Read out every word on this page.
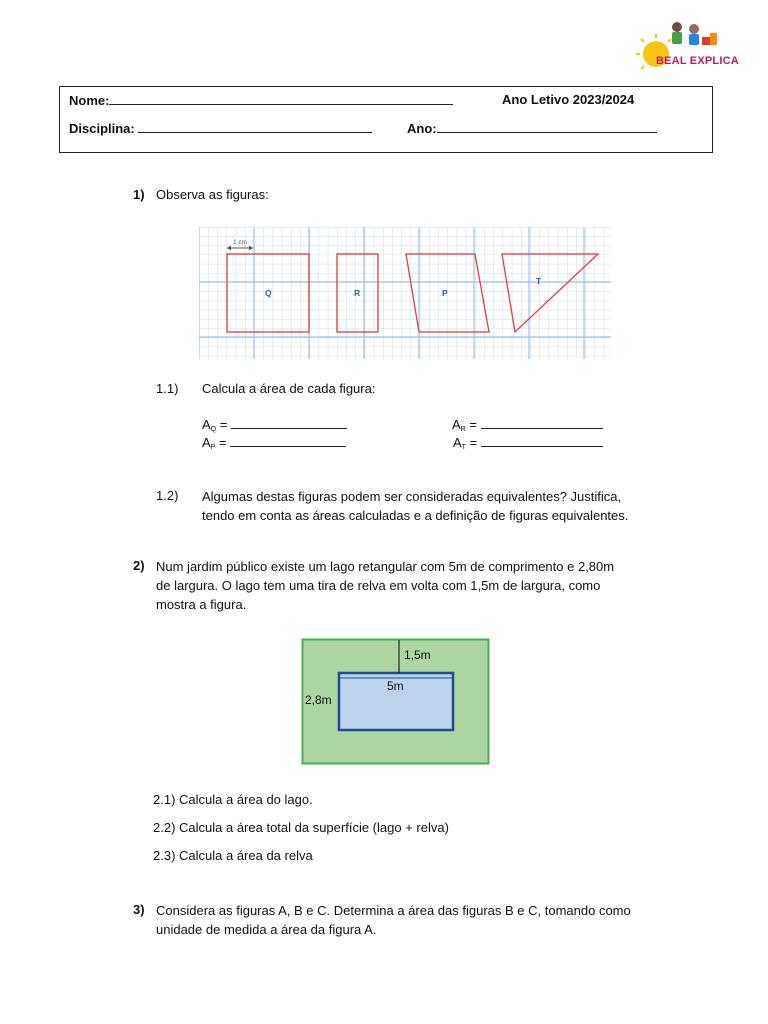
BEAL EXPLICA
Nome:	Ano Letivo 2023/2024
Disciplina:	Ano:
1) Observa as figuras:
1 cm
Q	R	P
T
1.1) Calcula a área de cada figura:
$A_Q$ =	$A_R$ =
$A_P$ =	$A_T$ =
1.2) Algumas destas figuras podem ser consideradas equivalentes? Justifica,
tendo em conta as áreas calculadas e a definição de figuras equivalentes.
2) Num jardim público existe um lago retangular com 5m de comprimento e 2,80m
de largura. O lago tem uma tira de relva em volta com 1,5m de largura, como
mostra a figura.
1,5m
5m
2,8m
2.1) Calcula a área do lago.
2.2) Calcula a área total da superfície (lago + relva)
2.3) Calcula a área da relva
3) Considera as figuras A, B e C. Determina a área das figuras B e C, tomando como
unidade de medida a área da figura A.
